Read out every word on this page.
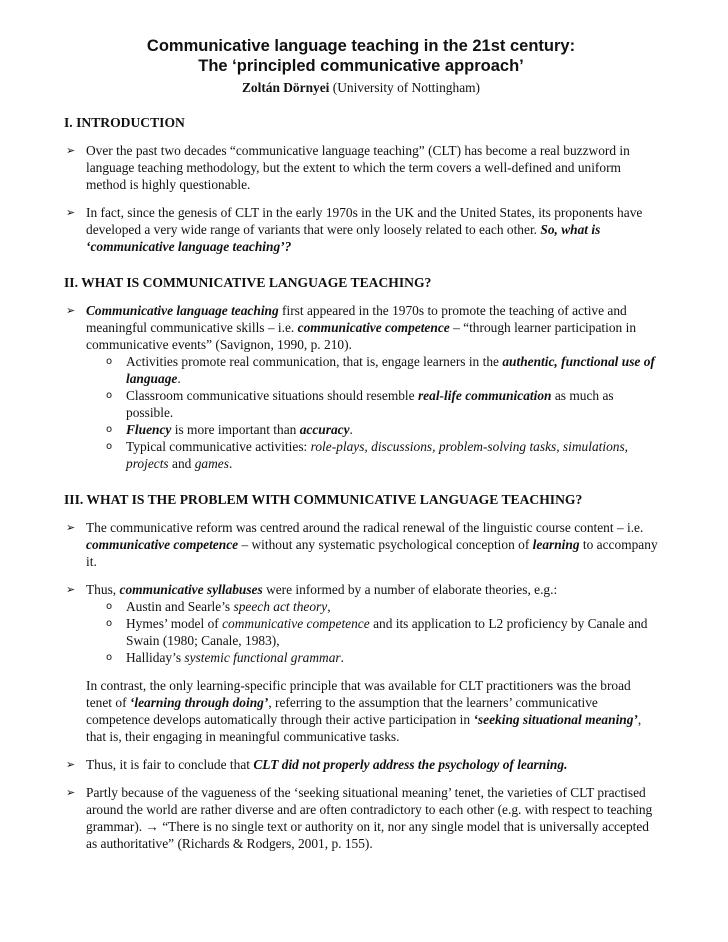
Communicative language teaching in the 21st century:
The ‘principled communicative approach’
Zoltán Dörnyei (University of Nottingham)
I. INTRODUCTION
➢ Over the past two decades “communicative language teaching” (CLT) has become a real buzzword in language teaching methodology, but the extent to which the term covers a well-defined and uniform method is highly questionable.
➢ In fact, since the genesis of CLT in the early 1970s in the UK and the United States, its proponents have developed a very wide range of variants that were only loosely related to each other. So, what is ‘communicative language teaching’?
II. WHAT IS COMMUNICATIVE LANGUAGE TEACHING?
➢ Communicative language teaching first appeared in the 1970s to promote the teaching of active and meaningful communicative skills – i.e. communicative competence – “through learner participation in communicative events” (Savignon, 1990, p. 210).
o Activities promote real communication, that is, engage learners in the authentic, functional use of language.
o Classroom communicative situations should resemble real-life communication as much as possible.
o Fluency is more important than accuracy.
o Typical communicative activities: role-plays, discussions, problem-solving tasks, simulations, projects and games.
III. WHAT IS THE PROBLEM WITH COMMUNICATIVE LANGUAGE TEACHING?
➢ The communicative reform was centred around the radical renewal of the linguistic course content – i.e. communicative competence – without any systematic psychological conception of learning to accompany it.
➢ Thus, communicative syllabuses were informed by a number of elaborate theories, e.g.:
o Austin and Searle’s speech act theory,
o Hymes’ model of communicative competence and its application to L2 proficiency by Canale and Swain (1980; Canale, 1983),
o Halliday’s systemic functional grammar.
In contrast, the only learning-specific principle that was available for CLT practitioners was the broad tenet of ‘learning through doing’, referring to the assumption that the learners’ communicative competence develops automatically through their active participation in ‘seeking situational meaning’, that is, their engaging in meaningful communicative tasks.
➢ Thus, it is fair to conclude that CLT did not properly address the psychology of learning.
➢ Partly because of the vagueness of the ‘seeking situational meaning’ tenet, the varieties of CLT practised around the world are rather diverse and are often contradictory to each other (e.g. with respect to teaching grammar). → “There is no single text or authority on it, nor any single model that is universally accepted as authoritative” (Richards & Rodgers, 2001, p. 155).
